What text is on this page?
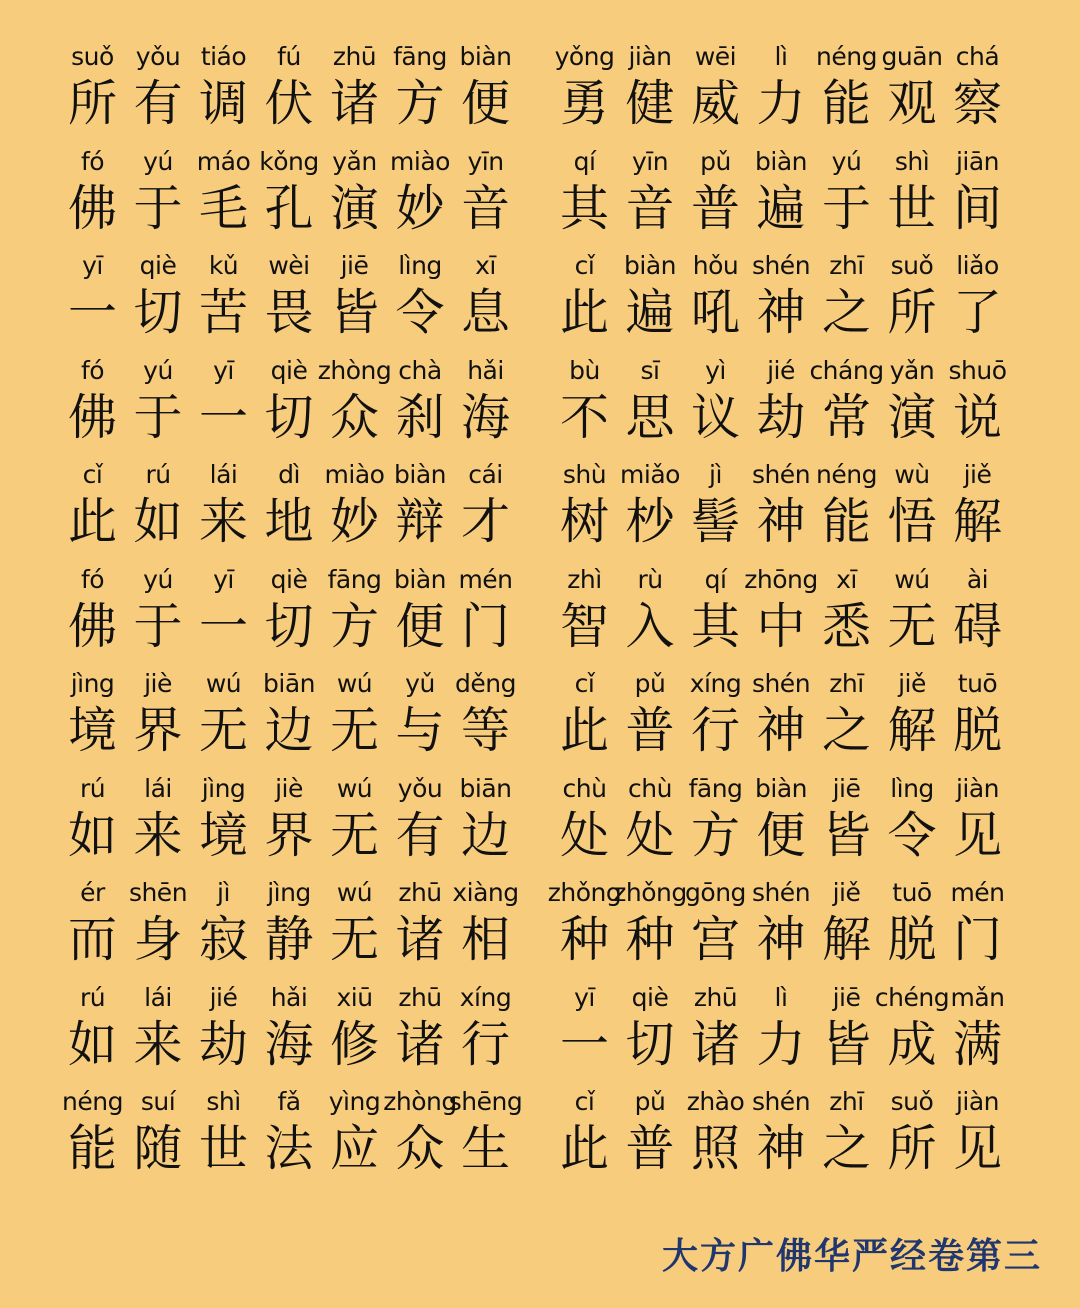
suǒ
所
yǒu
有
tiáo
调
fú
伏
zhū
诸
fāng
方
biàn
便
yǒng
勇
jiàn
健
wēi
威
lì
力
néng
能
guān
观
chá
察
fó
佛
yú
于
máo
毛
kǒng
孔
yǎn
演
miào
妙
yīn
音
qí
其
yīn
音
pǔ
普
biàn
遍
yú
于
shì
世
jiān
间
yī
一
qiè
切
kǔ
苦
wèi
畏
jiē
皆
lìng
令
xī
息
cǐ
此
biàn
遍
hǒu
吼
shén
神
zhī
之
suǒ
所
liǎo
了
fó
佛
yú
于
yī
一
qiè
切
zhòng
众
chà
刹
hǎi
海
bù
不
sī
思
yì
议
jié
劫
cháng
常
yǎn
演
shuō
说
cǐ
此
rú
如
lái
来
dì
地
miào
妙
biàn
辩
cái
才
shù
树
miǎo
杪
jì
髻
shén
神
néng
能
wù
悟
jiě
解
fó
佛
yú
于
yī
一
qiè
切
fāng
方
biàn
便
mén
门
zhì
智
rù
入
qí
其
zhōng
中
xī
悉
wú
无
ài
碍
jìng
境
jiè
界
wú
无
biān
边
wú
无
yǔ
与
děng
等
cǐ
此
pǔ
普
xíng
行
shén
神
zhī
之
jiě
解
tuō
脱
rú
如
lái
来
jìng
境
jiè
界
wú
无
yǒu
有
biān
边
chù
处
chù
处
fāng
方
biàn
便
jiē
皆
lìng
令
jiàn
见
ér
而
shēn
身
jì
寂
jìng
静
wú
无
zhū
诸
xiàng
相
zhǒng
种
zhǒng
种
gōng
宫
shén
神
jiě
解
tuō
脱
mén
门
rú
如
lái
来
jié
劫
hǎi
海
xiū
修
zhū
诸
xíng
行
yī
一
qiè
切
zhū
诸
lì
力
jiē
皆
chéng
成
mǎn
满
néng
能
suí
随
shì
世
fǎ
法
yìng
应
zhòng
众
shēng
生
cǐ
此
pǔ
普
zhào
照
shén
神
zhī
之
suǒ
所
jiàn
见
大方广佛华严经卷第三
